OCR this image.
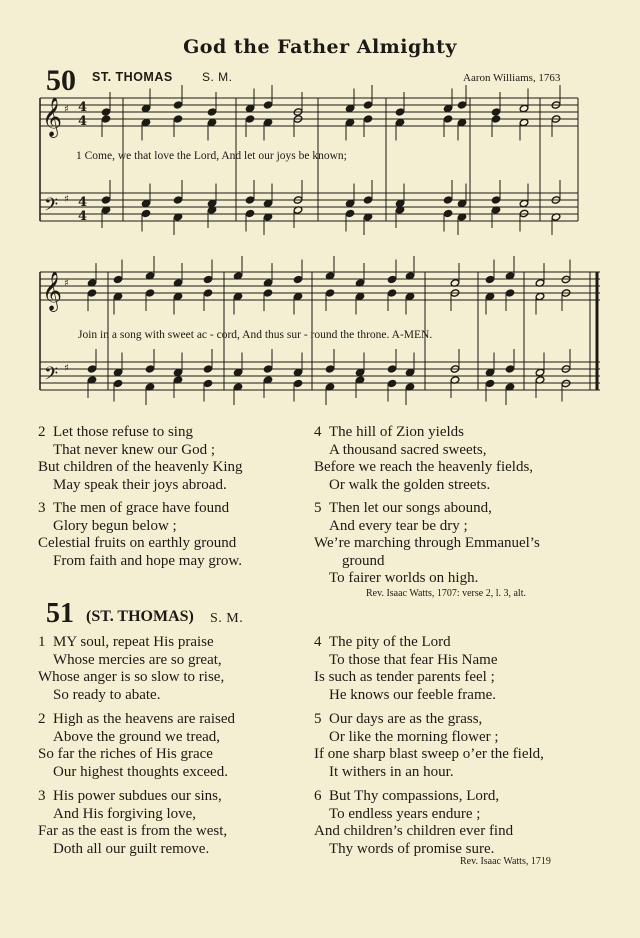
God the Father Almighty
50 ST. THOMAS S. M.	Aaron Williams, 1763
𝄞
𝄢
♯
♯
4
4
4
4
𝄞
𝄢
♯
♯
1 Come, we that love the Lord, And let our joys be known;
Join in a song with sweet ac - cord, And thus sur - round the throne. A-MEN.
2 Let those refuse to sing
That never knew our God ;
But children of the heavenly King
May speak their joys abroad.
3 The men of grace have found
Glory begun below ;
Celestial fruits on earthly ground
From faith and hope may grow.
4 The hill of Zion yields
A thousand sacred sweets,
Before we reach the heavenly fields,
Or walk the golden streets.
5 Then let our songs abound,
And every tear be dry ;
We’re marching through Emmanuel’s
ground
To fairer worlds on high.
Rev. Isaac Watts, 1707: verse 2, l. 3, alt.
51 (ST. THOMAS) S. M.
1 MY soul, repeat His praise
Whose mercies are so great,
Whose anger is so slow to rise,
So ready to abate.
2 High as the heavens are raised
Above the ground we tread,
So far the riches of His grace
Our highest thoughts exceed.
3 His power subdues our sins,
And His forgiving love,
Far as the east is from the west,
Doth all our guilt remove.
4 The pity of the Lord
To those that fear His Name
Is such as tender parents feel ;
He knows our feeble frame.
5 Our days are as the grass,
Or like the morning flower ;
If one sharp blast sweep o’er the field,
It withers in an hour.
6 But Thy compassions, Lord,
To endless years endure ;
And children’s children ever find
Thy words of promise sure.
Rev. Isaac Watts, 1719
